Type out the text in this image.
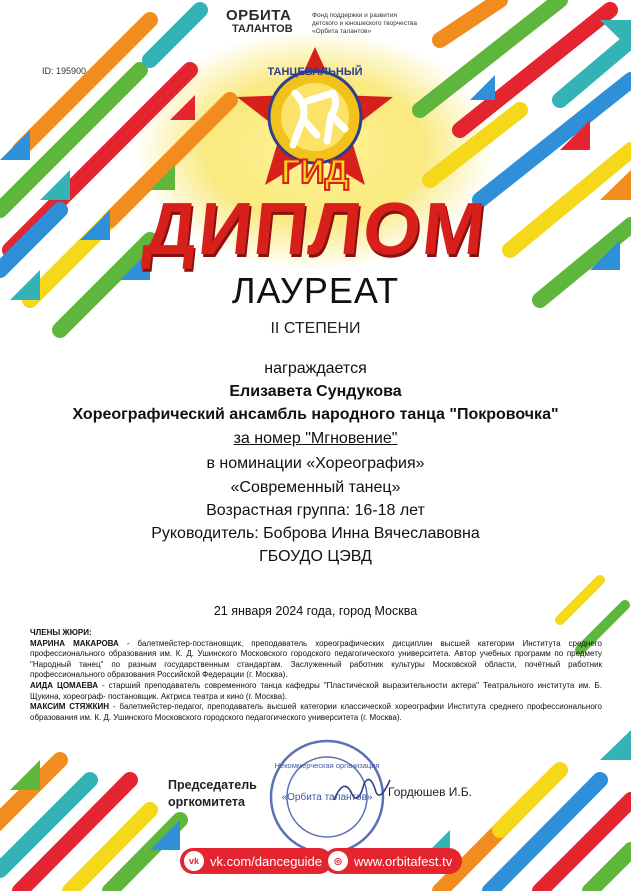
ОРБИТА
ТАЛАНТОВ
Фонд поддержки и развития детского и юношеского творчества «Орбита талантов»
ID: 195900	ТАНЦЕВАЛЬНЫЙ
ГИД
ДИПЛОМ
ЛАУРЕАТ
II СТЕПЕНИ
награждается
Елизавета Сундукова
Хореографический ансамбль народного танца "Покровочка"
за номер "Мгновение"
в номинации «Хореография»
«Современный танец»
Возрастная группа: 16-18 лет
Руководитель: Боброва Инна Вячеславовна
ГБОУДО ЦЭВД
21 января 2024 года, город Москва

ЧЛЕНЫ ЖЮРИ:

МАРИНА МАКАРОВА - балетмейстер-постановщик, преподаватель хореографических дисциплин высшей категории Института среднего профессионального образования им. К. Д. Ушинского Московского городского педагогического университета. Автор учебных программ по предмету "Народный танец" по разным государственным стандартам. Заслуженный работник культуры Московской области, почётный работник профессионального образования Российской Федерации (г. Москва).

АИДА ЦОМАЕВА - старший преподаватель современного танца кафедры "Пластической выразительности актера" Театрального института им. Б. Щукина, хореограф- постановщик. Актриса театра и кино (г. Москва).

МАКСИМ СТЯЖКИН - балетмейстер-педагог, преподаватель высшей категории классической хореографии Института среднего профессионального образования им. К. Д. Ушинского Московского городского педагогического университета (г. Москва).

Некоммерческая организация
«Орбита талантов»
Председатель
оргкомитета
Гордюшев И.Б.
vk vk.com/danceguide	◎ www.orbitafest.tv
